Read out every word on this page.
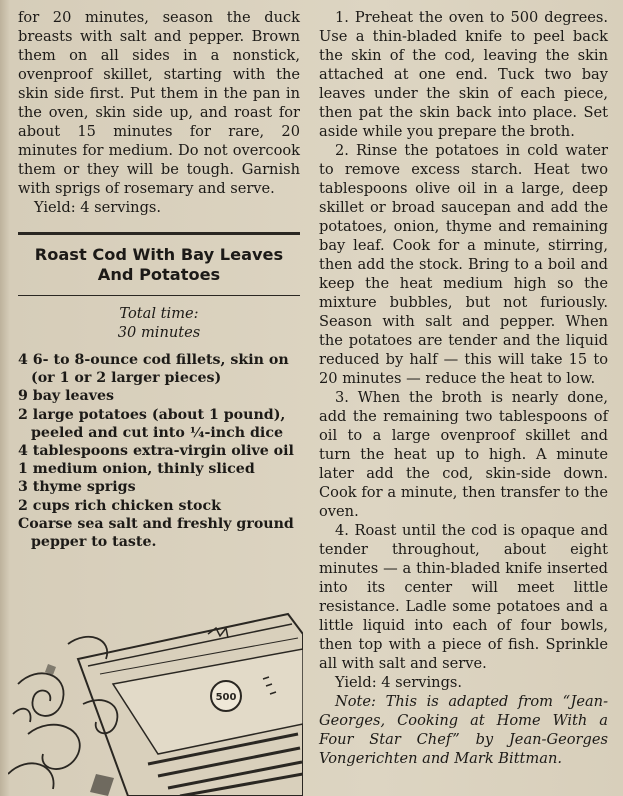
for 20 minutes, season the duck breasts with salt and pepper. Brown them on all sides in a nonstick, ovenproof skillet, starting with the skin side first. Put them in the pan in the oven, skin side up, and roast for about 15 minutes for rare, 20 minutes for medium. Do not overcook them or they will be tough. Garnish with sprigs of rosemary and serve.

Yield: 4 servings.

Roast Cod With Bay Leaves

And Potatoes

Total time:
30 minutes
4 6- to 8-ounce cod fillets, skin on (or 1 or 2 larger pieces)
9 bay leaves
2 large potatoes (about 1 pound), peeled and cut into ¼-inch dice
4 tablespoons extra-virgin olive oil
1 medium onion, thinly sliced
3 thyme sprigs
2 cups rich chicken stock
Coarse sea salt and freshly ground pepper to taste.
500

1. Preheat the oven to 500 degrees. Use a thin-bladed knife to peel back the skin of the cod, leaving the skin attached at one end. Tuck two bay leaves under the skin of each piece, then pat the skin back into place. Set aside while you prepare the broth.

2. Rinse the potatoes in cold water to remove excess starch. Heat two tablespoons olive oil in a large, deep skillet or broad saucepan and add the potatoes, onion, thyme and remaining bay leaf. Cook for a minute, stirring, then add the stock. Bring to a boil and keep the heat medium high so the mixture bubbles, but not furiously. Season with salt and pepper. When the potatoes are tender and the liquid reduced by half — this will take 15 to 20 minutes — reduce the heat to low.

3. When the broth is nearly done, add the remaining two tablespoons of oil to a large ovenproof skillet and turn the heat up to high. A minute later add the cod, skin-side down. Cook for a minute, then transfer to the oven.

4. Roast until the cod is opaque and tender throughout, about eight minutes — a thin-bladed knife inserted into its center will meet little resistance. Ladle some potatoes and a little liquid into each of four bowls, then top with a piece of fish. Sprinkle all with salt and serve.

Yield: 4 servings.

Note: This is adapted from “Jean-Georges, Cooking at Home With a Four Star Chef” by Jean-Georges Vongerichten and Mark Bittman.
